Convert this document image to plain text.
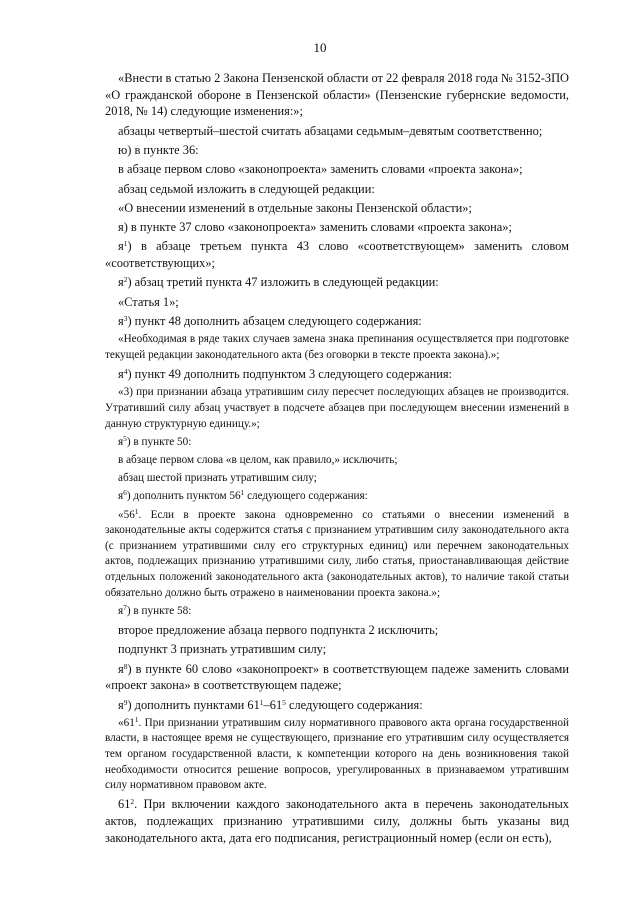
10

«Внести в статью 2 Закона Пензенской области от 22 февраля 2018 года № 3152-ЗПО «О гражданской обороне в Пензенской области» (Пензенские губернские ведомости, 2018, № 14) следующие изменения:»;

абзацы четвертый–шестой считать абзацами седьмым–девятым соответственно;

ю) в пункте 36:

в абзаце первом слово «законопроекта» заменить словами «проекта закона»;

абзац седьмой изложить в следующей редакции:

«О внесении изменений в отдельные законы Пензенской области»;

я) в пункте 37 слово «законопроекта» заменить словами «проекта закона»;

$я^1$) в абзаце третьем пункта 43 слово «соответствующем» заменить словом «соответствующих»;

$я^2$) абзац третий пункта 47 изложить в следующей редакции:

«Статья 1»;

$я^3$) пункт 48 дополнить абзацем следующего содержания:

«Необходимая в ряде таких случаев замена знака препинания осуществляется при подготовке текущей редакции законодательного акта (без оговорки в тексте проекта закона).»;

$я^4$) пункт 49 дополнить подпунктом 3 следующего содержания:

«3) при признании абзаца утратившим силу пересчет последующих абзацев не производится. Утративший силу абзац участвует в подсчете абзацев при последующем внесении изменений в данную структурную единицу.»;

$я^5$) в пункте 50:

в абзаце первом слова «в целом, как правило,» исключить;

абзац шестой признать утратившим силу;

$я^6$) дополнить пунктом $56^1$ следующего содержания:

«$56^1$. Если в проекте закона одновременно со статьями о внесении изменений в законодательные акты содержится статья с признанием утратившим силу законодательного акта (с признанием утратившими силу его структурных единиц) или перечнем законодательных актов, подлежащих признанию утратившими силу, либо статья, приостанавливающая действие отдельных положений законодательного акта (законодательных актов), то наличие такой статьи обязательно должно быть отражено в наименовании проекта закона.»;

$я^7$) в пункте 58:

второе предложение абзаца первого подпункта 2 исключить;

подпункт 3 признать утратившим силу;

$я^8$) в пункте 60 слово «законопроект» в соответствующем падеже заменить словами «проект закона» в соответствующем падеже;

$я^9$) дополнить пунктами $61^1-61^5$ следующего содержания:

«$61^1$. При признании утратившим силу нормативного правового акта органа государственной власти, в настоящее время не существующего, признание его утратившим силу осуществляется тем органом государственной власти, к компетенции которого на день возникновения такой необходимости относится решение вопросов, урегулированных в признаваемом утратившим силу нормативном правовом акте.

$61^2$. При включении каждого законодательного акта в перечень законодательных актов, подлежащих признанию утратившими силу, должны быть указаны вид законодательного акта, дата его подписания, регистрационный номер (если он есть),
